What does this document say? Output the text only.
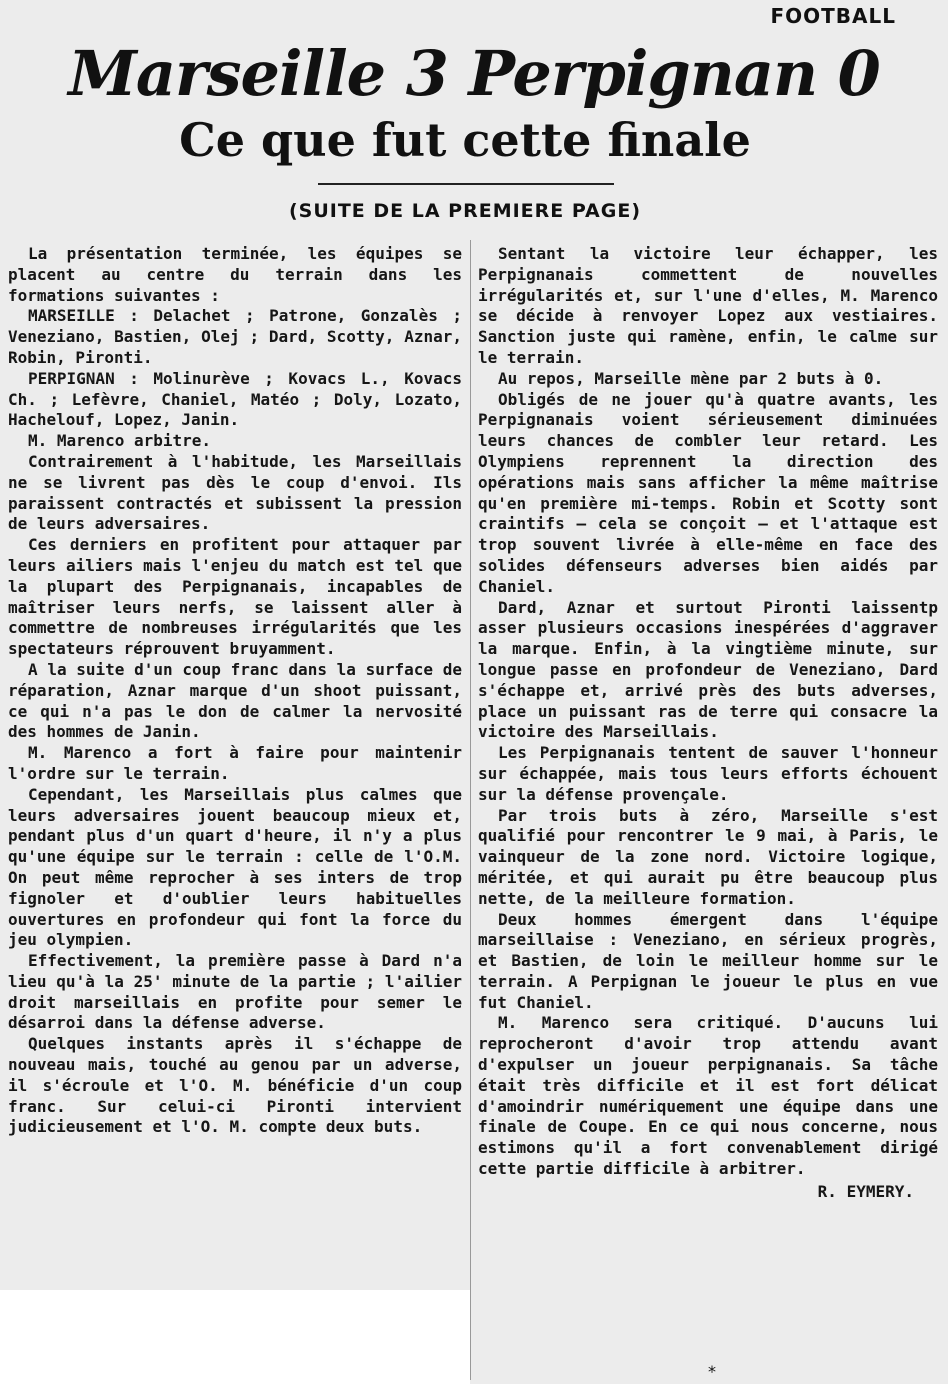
FOOTBALL
Marseille 3 Perpignan 0
Ce que fut cette finale
(SUITE DE LA PREMIERE PAGE)

La présentation terminée, les équipes se placent au centre du terrain dans les formations suivantes :

MARSEILLE : Delachet ; Patrone, Gonzalès ; Veneziano, Bastien, Olej ; Dard, Scotty, Aznar, Robin, Pironti.

PERPIGNAN : Molinurève ; Kovacs L., Kovacs Ch. ; Lefèvre, Chaniel, Matéo ; Doly, Lozato, Hachelouf, Lopez, Janin.

M. Marenco arbitre.

Contrairement à l'habitude, les Marseillais ne se livrent pas dès le coup d'envoi. Ils paraissent contractés et subissent la pression de leurs adversaires.

Ces derniers en profitent pour attaquer par leurs ailiers mais l'enjeu du match est tel que la plupart des Perpignanais, incapables de maîtriser leurs nerfs, se laissent aller à commettre de nombreuses irrégularités que les spectateurs réprouvent bruyamment.

A la suite d'un coup franc dans la surface de réparation, Aznar marque d'un shoot puissant, ce qui n'a pas le don de calmer la nervosité des hommes de Janin.

M. Marenco a fort à faire pour maintenir l'ordre sur le terrain.

Cependant, les Marseillais plus calmes que leurs adversaires jouent beaucoup mieux et, pendant plus d'un quart d'heure, il n'y a plus qu'une équipe sur le terrain : celle de l'O.M. On peut même reprocher à ses inters de trop fignoler et d'oublier leurs habituelles ouvertures en profondeur qui font la force du jeu olympien.

Effectivement, la première passe à Dard n'a lieu qu'à la 25' minute de la partie ; l'ailier droit marseillais en profite pour semer le désarroi dans la défense adverse.

Quelques instants après il s'échappe de nouveau mais, touché au genou par un adverse, il s'écroule et l'O. M. bénéficie d'un coup franc. Sur celui-ci Pironti intervient judicieusement et l'O. M. compte deux buts.

Sentant la victoire leur échapper, les Perpignanais commettent de nouvelles irrégularités et, sur l'une d'elles, M. Marenco se décide à renvoyer Lopez aux vestiaires. Sanction juste qui ramène, enfin, le calme sur le terrain.

Au repos, Marseille mène par 2 buts à 0.

Obligés de ne jouer qu'à quatre avants, les Perpignanais voient sérieusement diminuées leurs chances de combler leur retard. Les Olympiens reprennent la direction des opérations mais sans afficher la même maîtrise qu'en première mi-temps. Robin et Scotty sont craintifs — cela se conçoit — et l'attaque est trop souvent livrée à elle-même en face des solides défenseurs adverses bien aidés par Chaniel.

Dard, Aznar et surtout Pironti laissentp asser plusieurs occasions inespérées d'aggraver la marque. Enfin, à la vingtième minute, sur longue passe en profondeur de Veneziano, Dard s'échappe et, arrivé près des buts adverses, place un puissant ras de terre qui consacre la victoire des Marseillais.

Les Perpignanais tentent de sauver l'honneur sur échappée, mais tous leurs efforts échouent sur la défense provençale.

Par trois buts à zéro, Marseille s'est qualifié pour rencontrer le 9 mai, à Paris, le vainqueur de la zone nord. Victoire logique, méritée, et qui aurait pu être beaucoup plus nette, de la meilleure formation.

Deux hommes émergent dans l'équipe marseillaise : Veneziano, en sérieux progrès, et Bastien, de loin le meilleur homme sur le terrain. A Perpignan le joueur le plus en vue fut Chaniel.

M. Marenco sera critiqué. D'aucuns lui reprocheront d'avoir trop attendu avant d'expulser un joueur perpignanais. Sa tâche était très difficile et il est fort délicat d'amoindrir numériquement une équipe dans une finale de Coupe. En ce qui nous concerne, nous estimons qu'il a fort convenablement dirigé cette partie difficile à arbitrer.

R. EYMERY.
*
